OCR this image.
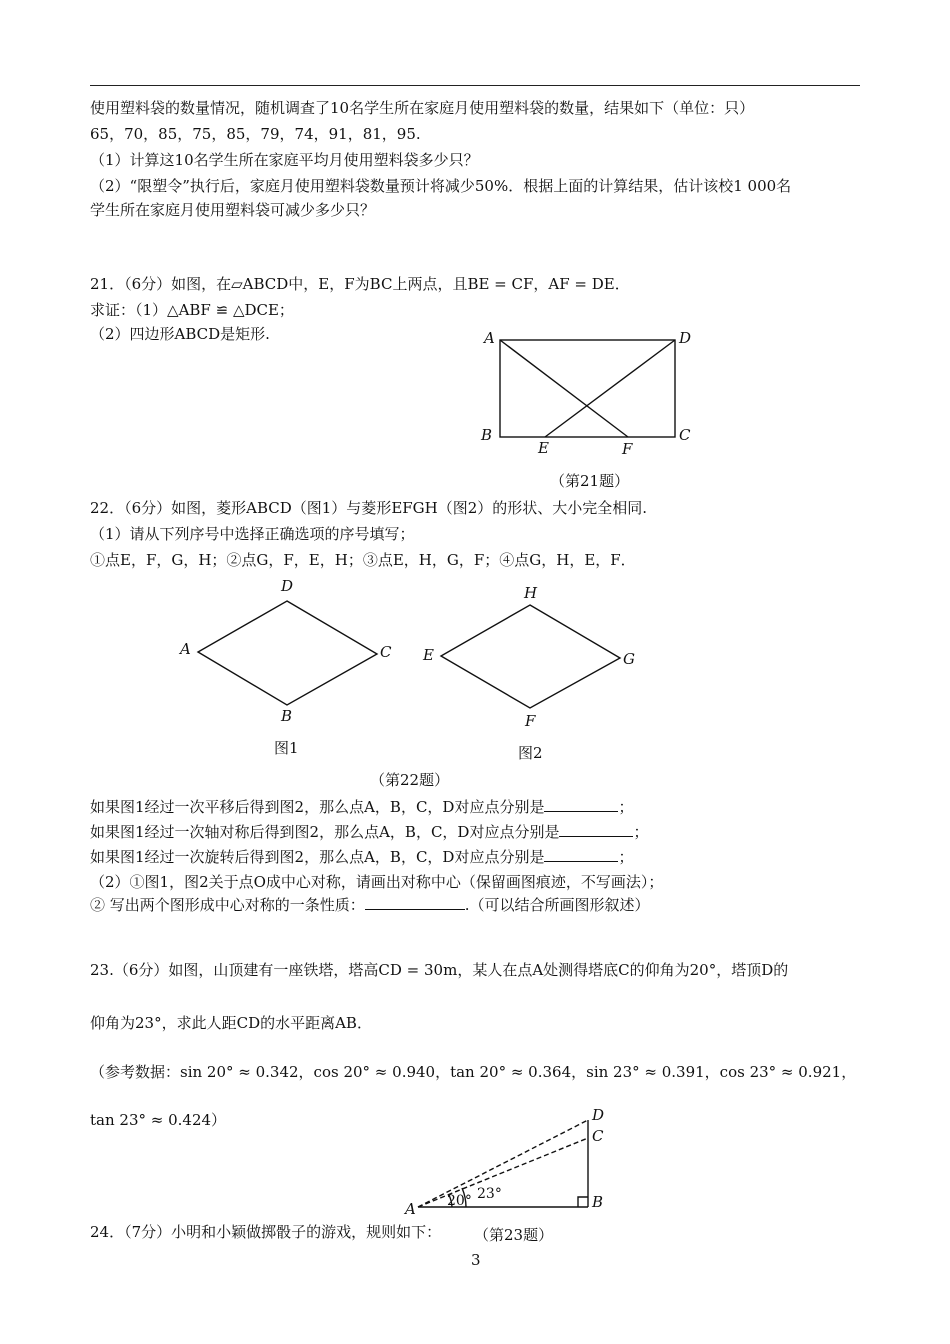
使用塑料袋的数量情况，随机调查了10名学生所在家庭月使用塑料袋的数量，结果如下（单位：只）
65，70，85，75，85，79，74，91，81，95.
（1）计算这10名学生所在家庭平均月使用塑料袋多少只？
（2）“限塑令”执行后，家庭月使用塑料袋数量预计将减少50%．根据上面的计算结果，估计该校1 000名
学生所在家庭月使用塑料袋可减少多少只？
21．（6分）如图，在▱ABCD中，E，F为BC上两点，且BE = CF，AF = DE．
求证：（1）△ABF ≌ △DCE；
（2）四边形ABCD是矩形.	A	D
B	C
E	F
（第21题）
22．（6分）如图，菱形ABCD（图1）与菱形EFGH（图2）的形状、大小完全相同.
（1）请从下列序号中选择正确选项的序号填写；
①点E，F，G，H；②点G，F，E，H；③点E，H，G，F；④点G，H，E，F．
D
A	C
B
H
E	G
F
图1	图2
（第22题）
如果图1经过一次平移后得到图2，那么点A，B，C，D对应点分别是	；
如果图1经过一次轴对称后得到图2，那么点A，B，C，D对应点分别是	；
如果图1经过一次旋转后得到图2，那么点A，B，C，D对应点分别是	；
（2）①图1，图2关于点O成中心对称，请画出对称中心（保留画图痕迹，不写画法）；
② 写出两个图形成中心对称的一条性质：	.（可以结合所画图形叙述）
23.（6分）如图，山顶建有一座铁塔，塔高CD = 30m，某人在点A处测得塔底C的仰角为20°，塔顶D的
仰角为23°，求此人距CD的水平距离AB．
（参考数据：sin 20° ≈ 0.342，cos 20° ≈ 0.940，tan 20° ≈ 0.364，sin 23° ≈ 0.391，cos 23° ≈ 0.921，
tan 23° ≈ 0.424）	D
C
B
A 20° 23°
24．（7分）小明和小颖做掷骰子的游戏，规则如下： （第23题）
3
